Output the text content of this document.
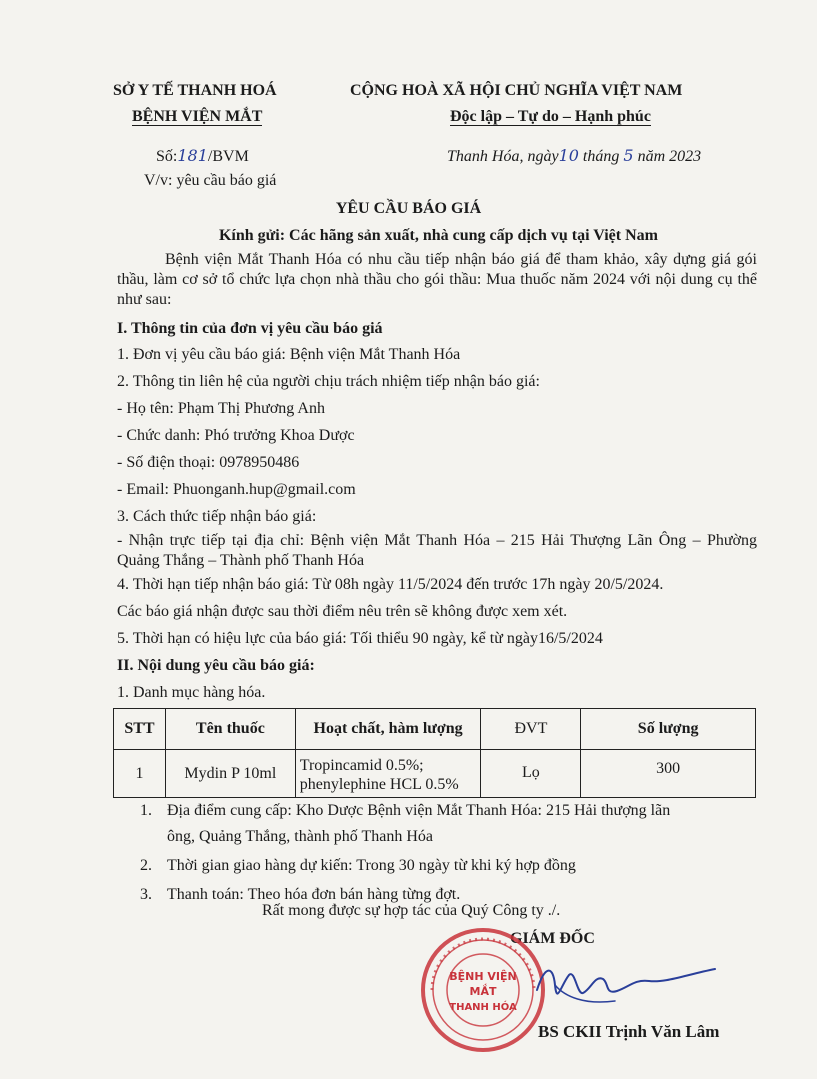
SỞ Y TẾ THANH HOÁ
BỆNH VIỆN MẮT
Số:181/BVM
V/v: yêu cầu báo giá
CỘNG HOÀ XÃ HỘI CHỦ NGHĨA VIỆT NAM
Độc lập – Tự do – Hạnh phúc
Thanh Hóa, ngày10 tháng 5 năm 2023
YÊU CẦU BÁO GIÁ
Kính gửi: Các hãng sản xuất, nhà cung cấp dịch vụ tại Việt Nam
Bệnh viện Mắt Thanh Hóa có nhu cầu tiếp nhận báo giá để tham khảo, xây dựng giá gói thầu, làm cơ sở tổ chức lựa chọn nhà thầu cho gói thầu: Mua thuốc năm 2024 với nội dung cụ thể như sau:
I. Thông tin của đơn vị yêu cầu báo giá
1. Đơn vị yêu cầu báo giá: Bệnh viện Mắt Thanh Hóa
2. Thông tin liên hệ của người chịu trách nhiệm tiếp nhận báo giá:
- Họ tên: Phạm Thị Phương Anh
- Chức danh: Phó trưởng Khoa Dược
- Số điện thoại: 0978950486
- Email: Phuonganh.hup@gmail.com
3. Cách thức tiếp nhận báo giá:
- Nhận trực tiếp tại địa chỉ: Bệnh viện Mắt Thanh Hóa – 215 Hải Thượng Lãn Ông – Phường Quảng Thắng – Thành phố Thanh Hóa
4. Thời hạn tiếp nhận báo giá: Từ 08h ngày 11/5/2024 đến trước 17h ngày 20/5/2024.
Các báo giá nhận được sau thời điểm nêu trên sẽ không được xem xét.
5. Thời hạn có hiệu lực của báo giá: Tối thiểu 90 ngày, kể từ ngày16/5/2024
II. Nội dung yêu cầu báo giá:
1. Danh mục hàng hóa.
STT	Tên thuốc	Hoạt chất, hàm lượng	ĐVT	Số lượng
1	Mydin P 10ml	Tropincamid 0.5%;
phenylephine HCL 0.5%	Lọ	300
1. Địa điểm cung cấp: Kho Dược Bệnh viện Mắt Thanh Hóa: 215 Hải thượng lãn
ông, Quảng Thắng, thành phố Thanh Hóa
2. Thời gian giao hàng dự kiến: Trong 30 ngày từ khi ký hợp đồng
3. Thanh toán: Theo hóa đơn bán hàng từng đợt.
Rất mong được sự hợp tác của Quý Công ty ./.
GIÁM ĐỐC
BỆNH VIỆN
MẮT
THANH HÓA
BS CKII Trịnh Văn Lâm
